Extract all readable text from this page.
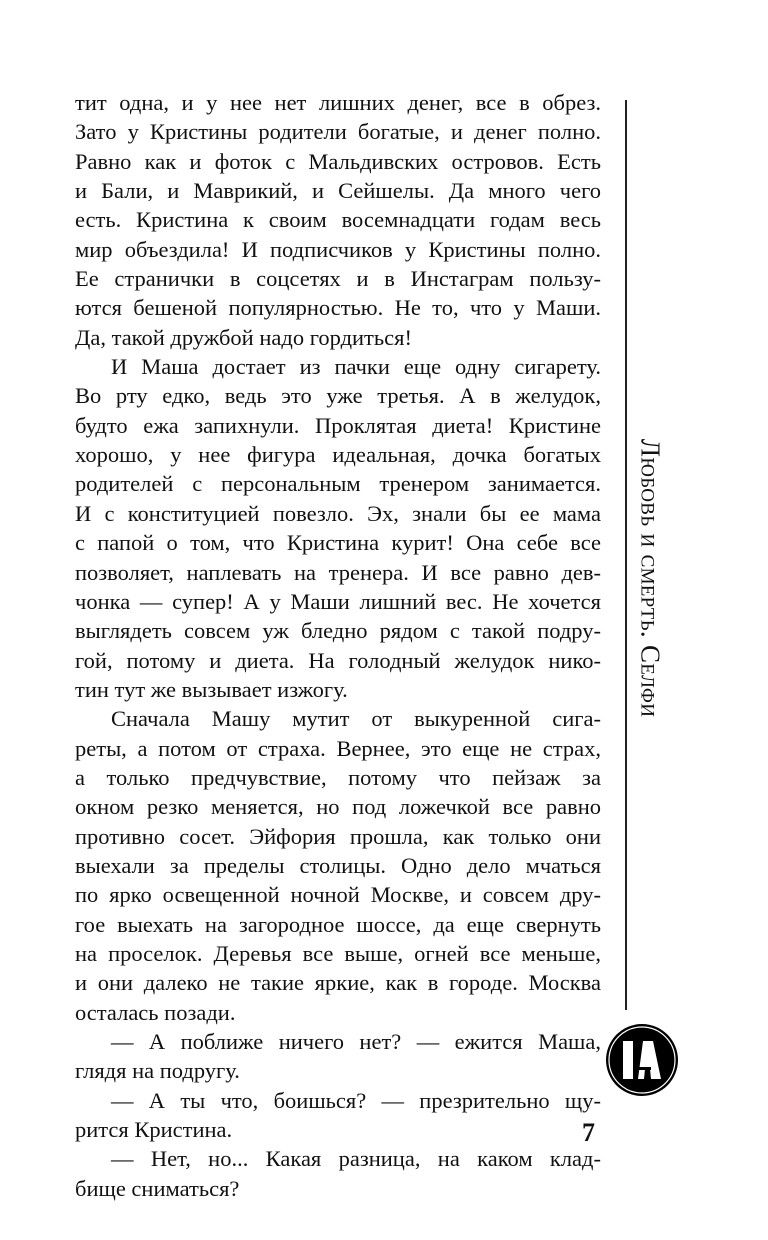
тит одна, и у нее нет лишних денег, все в обрез.
Зато у Кристины родители богатые, и денег полно.
Равно как и фоток с Мальдивских островов. Есть
и Бали, и Маврикий, и Сейшелы. Да много чего
есть. Кристина к своим восемнадцати годам весь
мир объездила! И подписчиков у Кристины полно.
Ее странички в соцсетях и в Инстаграм пользу-
ются бешеной популярностью. Не то, что у Маши.
Да, такой дружбой надо гордиться!
И Маша достает из пачки еще одну сигарету.
Во рту едко, ведь это уже третья. А в желудок,
будто ежа запихнули. Проклятая диета! Кристине
хорошо, у нее фигура идеальная, дочка богатых
родителей с персональным тренером занимается.
И с конституцией повезло. Эх, знали бы ее мама
с папой о том, что Кристина курит! Она себе все
позволяет, наплевать на тренера. И все равно дев-
чонка — супер! А у Маши лишний вес. Не хочется
выглядеть совсем уж бледно рядом с такой подру-
гой, потому и диета. На голодный желудок нико-
тин тут же вызывает изжогу.
Сначала Машу мутит от выкуренной сига-
реты, а потом от страха. Вернее, это еще не страх,
а только предчувствие, потому что пейзаж за
окном резко меняется, но под ложечкой все равно
противно сосет. Эйфория прошла, как только они
выехали за пределы столицы. Одно дело мчаться
по ярко освещенной ночной Москве, и совсем дру-
гое выехать на загородное шоссе, да еще свернуть
на проселок. Деревья все выше, огней все меньше,
и они далеко не такие яркие, как в городе. Москва
осталась позади.
— А поближе ничего нет? — ежится Маша,
глядя на подругу.
— А ты что, боишься? — презрительно щу-
рится Кристина.
— Нет, но... Какая разница, на каком клад-
бище сниматься?
Любовь и смерть. Селфи
7
